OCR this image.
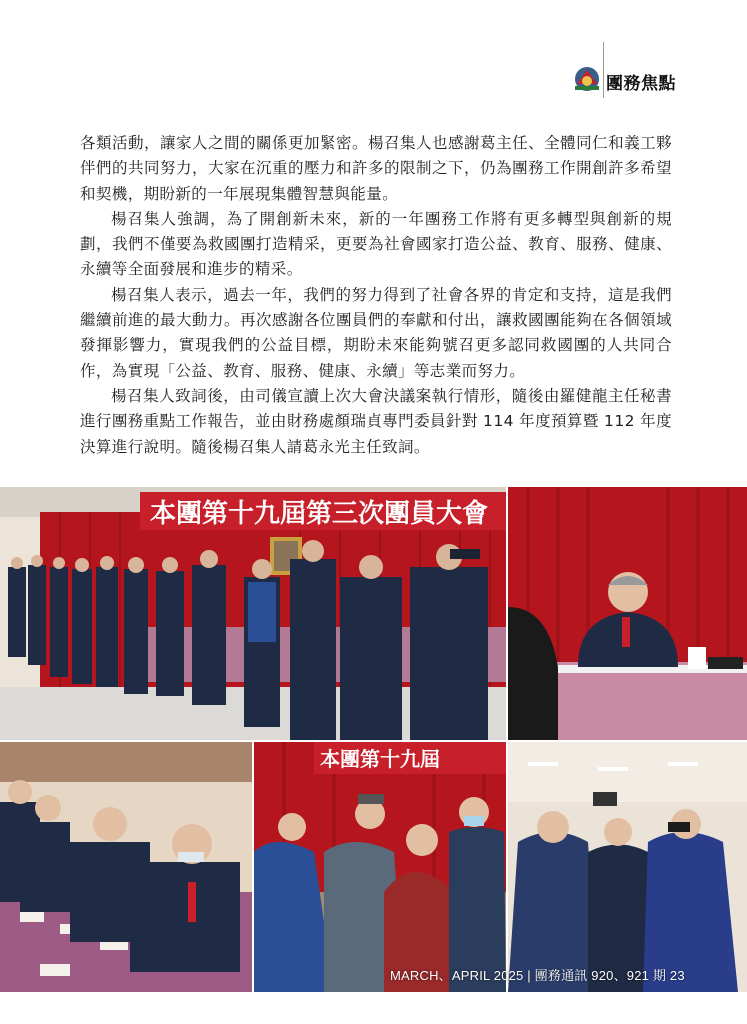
團務焦點

各類活動，讓家人之間的關係更加緊密。楊召集人也感謝葛主任、全體同仁和義工夥伴們的共同努力，大家在沉重的壓力和許多的限制之下，仍為團務工作開創許多希望和契機，期盼新的一年展現集體智慧與能量。

楊召集人強調，為了開創新未來，新的一年團務工作將有更多轉型與創新的規劃，我們不僅要為救國團打造精采，更要為社會國家打造公益、教育、服務、健康、永續等全面發展和進步的精采。

楊召集人表示，過去一年，我們的努力得到了社會各界的肯定和支持，這是我們繼續前進的最大動力。再次感謝各位團員們的奉獻和付出，讓救國團能夠在各個領域發揮影響力，實現我們的公益目標，期盼未來能夠號召更多認同救國團的人共同合作，為實現「公益、教育、服務、健康、永續」等志業而努力。

楊召集人致詞後，由司儀宣讀上次大會決議案執行情形，隨後由羅健龍主任秘書進行團務重點工作報告，並由財務處顏瑞貞專門委員針對 114 年度預算暨 112 年度決算進行說明。隨後楊召集人請葛永光主任致詞。

本團第十九屆第三次團員大會
本團第十九屆
MARCH、APRIL 2025 | 團務通訊 920、921 期 23
